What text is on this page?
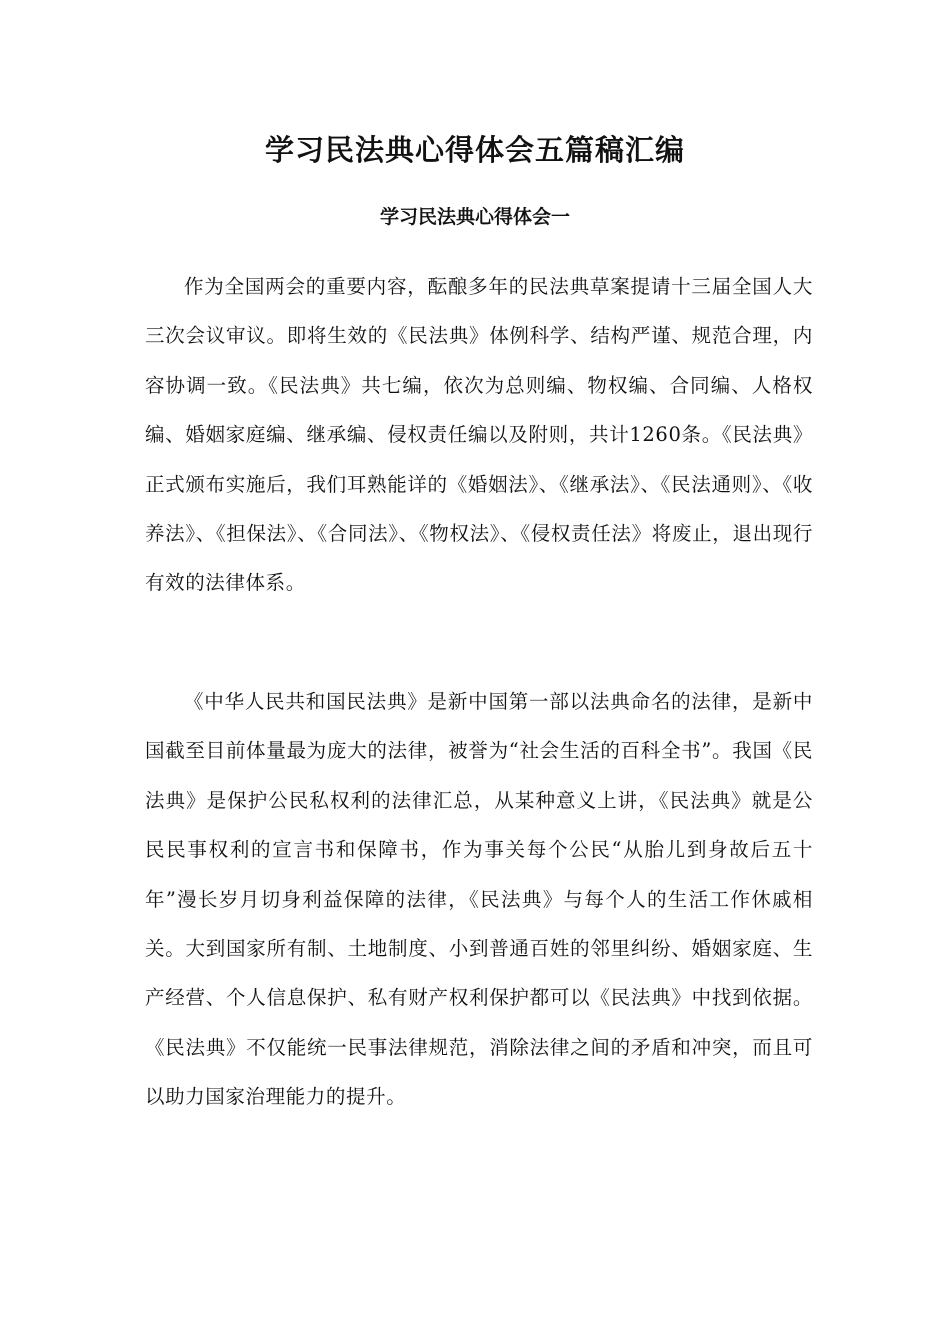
学习民法典心得体会五篇稿汇编
学习民法典心得体会一

作为全国两会的重要内容，酝酿多年的民法典草案提请十三届全国人大三次会议审议。即将生效的《民法典》体例科学、结构严谨、规范合理，内容协调一致。《民法典》共七编，依次为总则编、物权编、合同编、人格权编、婚姻家庭编、继承编、侵权责任编以及附则，共计1260条。《民法典》正式颁布实施后，我们耳熟能详的《婚姻法》、《继承法》、《民法通则》、《收养法》、《担保法》、《合同法》、《物权法》、《侵权责任法》将废止，退出现行有效的法律体系。

《中华人民共和国民法典》是新中国第一部以法典命名的法律，是新中国截至目前体量最为庞大的法律，被誉为“社会生活的百科全书”。我国《民法典》是保护公民私权利的法律汇总，从某种意义上讲，《民法典》就是公民民事权利的宣言书和保障书，作为事关每个公民“从胎儿到身故后五十年”漫长岁月切身利益保障的法律，《民法典》与每个人的生活工作休戚相关。大到国家所有制、土地制度、小到普通百姓的邻里纠纷、婚姻家庭、生产经营、个人信息保护、私有财产权利保护都可以《民法典》中找到依据。《民法典》不仅能统一民事法律规范，消除法律之间的矛盾和冲突，而且可以助力国家治理能力的提升。
